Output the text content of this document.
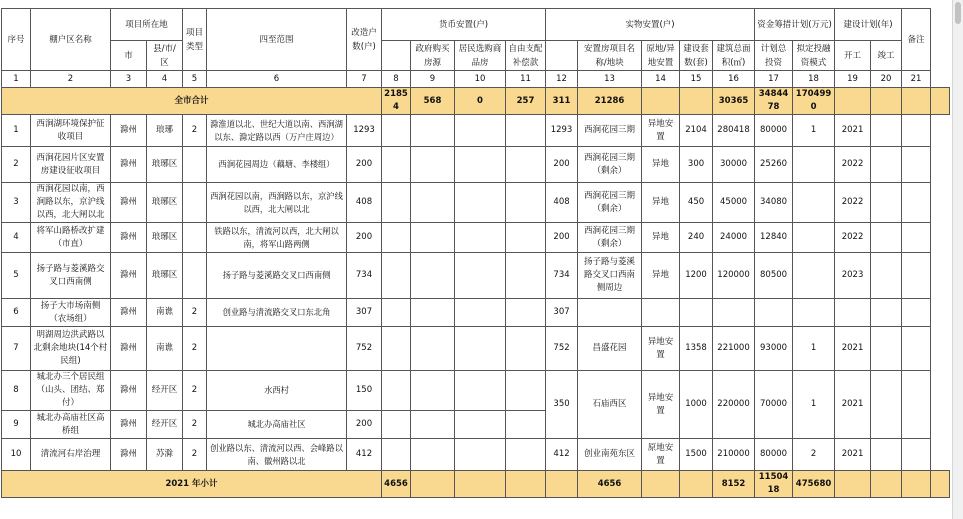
序号	棚户区名称	项目所在地		项目类型	四至范围	改造户数(户)	货币安置(户)				实物安置(户)					资金筹措计划(万元)		建设计划(年)		备注	
		市	县/市/区					政府购买房源	居民选购商品房	自由支配补偿款		安置房项目名称/地块	原地/异地安置	建设套数(套)	建筑总面积(㎡)	计划总投资	拟定投融资模式	开工	竣工		
1	2	3	4	5	6	7	8	9	10	11	12	13	14	15	16	17	18	19	20	21	
全市合计							21854	568	0	257	311	21286			30365	3484478	1704990				
1	西涧湖环境保护征收项目	滁州	琅琊	2	滁淮道以北、世纪大道以南、西涧湖以东、滁定路以西（万户庄周边）	1293					1293	西涧花园三期	异地安置	2104	280418	80000	1	2021			
2	西涧花园片区安置房建设征收项目	滁州	琅琊区		西涧花园周边（藕塘、李楼组）	200					200	西涧花园三期（剩余）	异地	300	30000	25260		2022			
3	西涧花园以南，西涧路以东，京沪线以西，北大闸以北	滁州	琅琊区		西涧花园以南，西涧路以东，京沪线以西，北大闸以北	408					408	西涧花园三期（剩余）	异地	450	45000	34080		2022			
4	将军山路桥改扩建（市直）	滁州	琅琊区		铁路以东，清流河以西，北大闸以南，将军山路两侧	200					200	西涧花园三期（剩余）	异地	240	24000	12840		2022			
5	扬子路与菱溪路交叉口西南侧	滁州	琅琊区		扬子路与菱溪路交叉口西南侧	734					734	扬子路与菱溪路交叉口西南侧周边	异地	1200	120000	80500		2023			
6	扬子大市场南侧（农场组）	滁州	南谯	2	创业路与清流路交叉口东北角	307					307										
7	明湖周边洪武路以北剩余地块(14个村民组)	滁州	南谯	2		752					752	昌盛花园	异地安置	1358	221000	93000	1	2021			
8	城北办三个居民组（山头、团结、郑付）	滁州	经开区	2	水西村	150					350	石庙西区	异地安置	1000	220000	70000	1	2021			
9	城北办高庙社区高桥组	滁州	经开区	2	城北办高庙社区	200															
10	清流河右岸治理	滁州	苏滁	2	创业路以东、清流河以西、会峰路以南、徽州路以北	412					412	创业南苑东区	原地安置	1500	210000	80000	2	2021			
2021 年小计							4656					4656			8152	1150418	475680				
